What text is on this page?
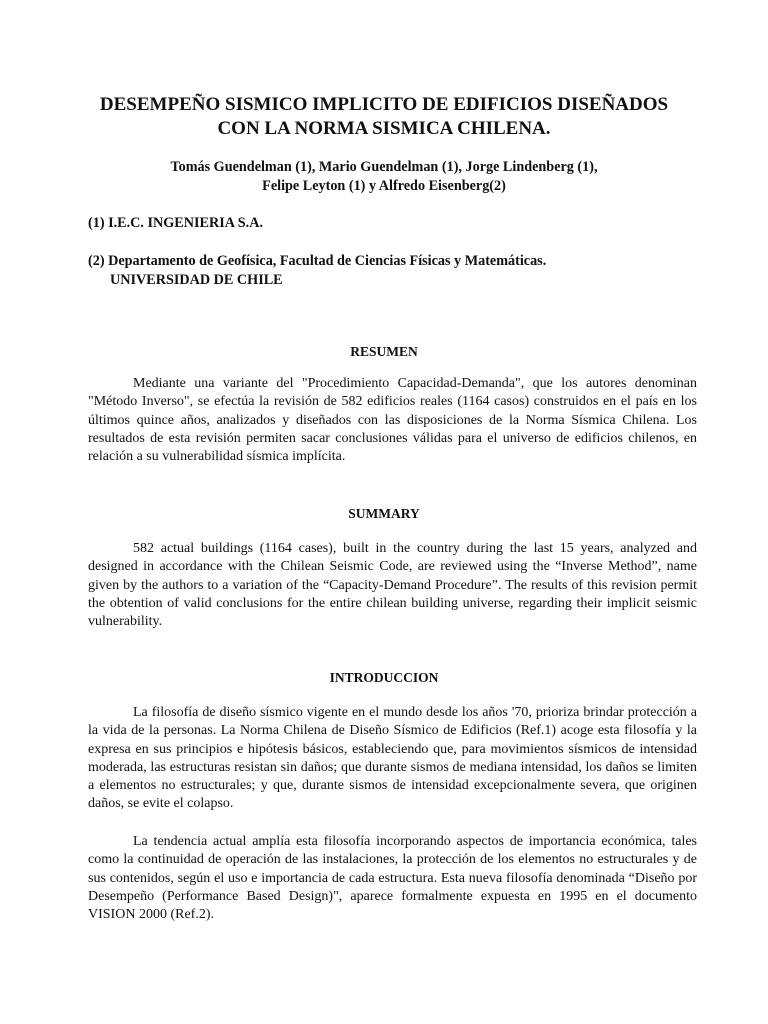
DESEMPEÑO SISMICO IMPLICITO DE EDIFICIOS DISEÑADOS
CON LA NORMA SISMICA CHILENA.
Tomás Guendelman (1), Mario Guendelman (1), Jorge Lindenberg (1),
Felipe Leyton (1) y Alfredo Eisenberg(2)
(1) I.E.C. INGENIERIA S.A.
(2) Departamento de Geofísica, Facultad de Ciencias Físicas y Matemáticas.
UNIVERSIDAD DE CHILE
RESUMEN

Mediante una variante del "Procedimiento Capacidad-Demanda", que los autores denominan "Método Inverso", se efectúa la revisión de 582 edificios reales (1164 casos) construidos en el país en los últimos quince años, analizados y diseñados con las disposiciones de la Norma Sísmica Chilena. Los resultados de esta revisión permiten sacar conclusiones válidas para el universo de edificios chilenos, en relación a su vulnerabilidad sísmica implícita.

SUMMARY

582 actual buildings (1164 cases), built in the country during the last 15 years, analyzed and designed in accordance with the Chilean Seismic Code, are reviewed using the “Inverse Method”, name given by the authors to a variation of the “Capacity-Demand Procedure”. The results of this revision permit the obtention of valid conclusions for the entire chilean building universe, regarding their implicit seismic vulnerability.

INTRODUCCION

La filosofía de diseño sísmico vigente en el mundo desde los años '70, prioriza brindar protección a la vida de la personas. La Norma Chilena de Diseño Sísmico de Edificios (Ref.1) acoge esta filosofía y la expresa en sus principios e hipótesis básicos, estableciendo que, para movimientos sísmicos de intensidad moderada, las estructuras resistan sin daños; que durante sismos de mediana intensidad, los daños se limiten a elementos no estructurales; y que, durante sismos de intensidad excepcionalmente severa, que originen daños, se evite el colapso.

La tendencia actual amplía esta filosofía incorporando aspectos de importancia económica, tales como la continuidad de operación de las instalaciones, la protección de los elementos no estructurales y de sus contenidos, según el uso e importancia de cada estructura. Esta nueva filosofía denominada “Diseño por Desempeño (Performance Based Design)", aparece formalmente expuesta en 1995 en el documento VISION 2000 (Ref.2).
